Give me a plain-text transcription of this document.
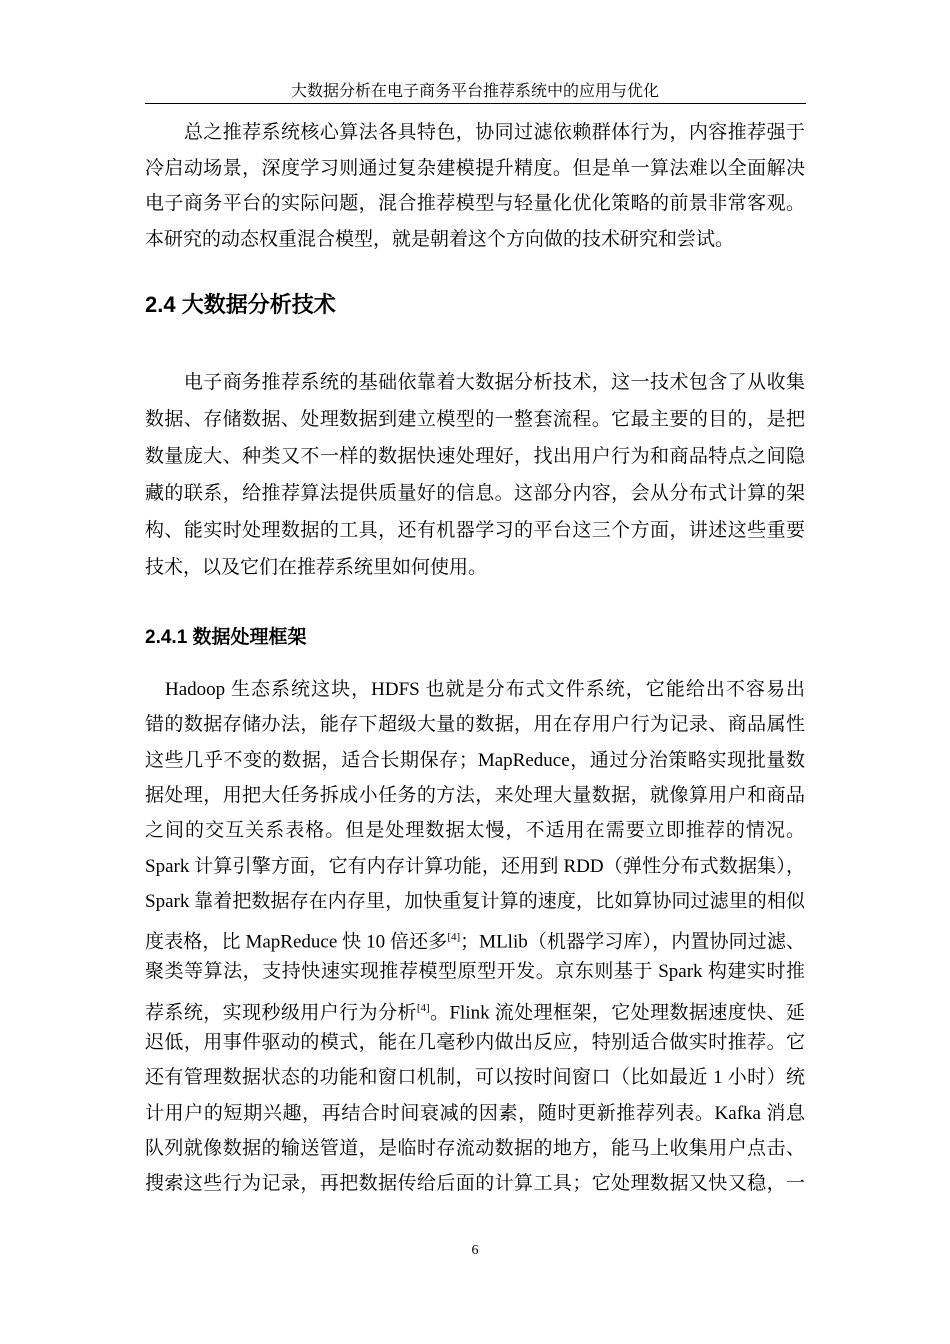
大数据分析在电子商务平台推荐系统中的应用与优化
　　总之推荐系统核心算法各具特色，协同过滤依赖群体行为，内容推荐强于
冷启动场景，深度学习则通过复杂建模提升精度。但是单一算法难以全面解决
电子商务平台的实际问题，混合推荐模型与轻量化优化策略的前景非常客观。
本研究的动态权重混合模型，就是朝着这个方向做的技术研究和尝试。
2.4 大数据分析技术
　　电子商务推荐系统的基础依靠着大数据分析技术，这一技术包含了从收集
数据、存储数据、处理数据到建立模型的一整套流程。它最主要的目的，是把
数量庞大、种类又不一样的数据快速处理好，找出用户行为和商品特点之间隐
藏的联系，给推荐算法提供质量好的信息。这部分内容，会从分布式计算的架
构、能实时处理数据的工具，还有机器学习的平台这三个方面，讲述这些重要
技术，以及它们在推荐系统里如何使用。
2.4.1 数据处理框架
　Hadoop 生态系统这块，HDFS 也就是分布式文件系统，它能给出不容易出
错的数据存储办法，能存下超级大量的数据，用在存用户行为记录、商品属性
这些几乎不变的数据，适合长期保存；MapReduce，通过分治策略实现批量数
据处理，用把大任务拆成小任务的方法，来处理大量数据，就像算用户和商品
之间的交互关系表格。但是处理数据太慢，不适用在需要立即推荐的情况。
Spark 计算引擎方面，它有内存计算功能，还用到 RDD（弹性分布式数据集），
Spark 靠着把数据存在内存里，加快重复计算的速度，比如算协同过滤里的相似
度表格，比 MapReduce 快 10 倍还多[4]；MLlib（机器学习库），内置协同过滤、
聚类等算法，支持快速实现推荐模型原型开发。京东则基于 Spark 构建实时推
荐系统，实现秒级用户行为分析[4]。Flink 流处理框架，它处理数据速度快、延
迟低，用事件驱动的模式，能在几毫秒内做出反应，特别适合做实时推荐。它
还有管理数据状态的功能和窗口机制，可以按时间窗口（比如最近 1 小时）统
计用户的短期兴趣，再结合时间衰减的因素，随时更新推荐列表。Kafka 消息
队列就像数据的输送管道，是临时存流动数据的地方，能马上收集用户点击、
搜索这些行为记录，再把数据传给后面的计算工具；它处理数据又快又稳，一
6
